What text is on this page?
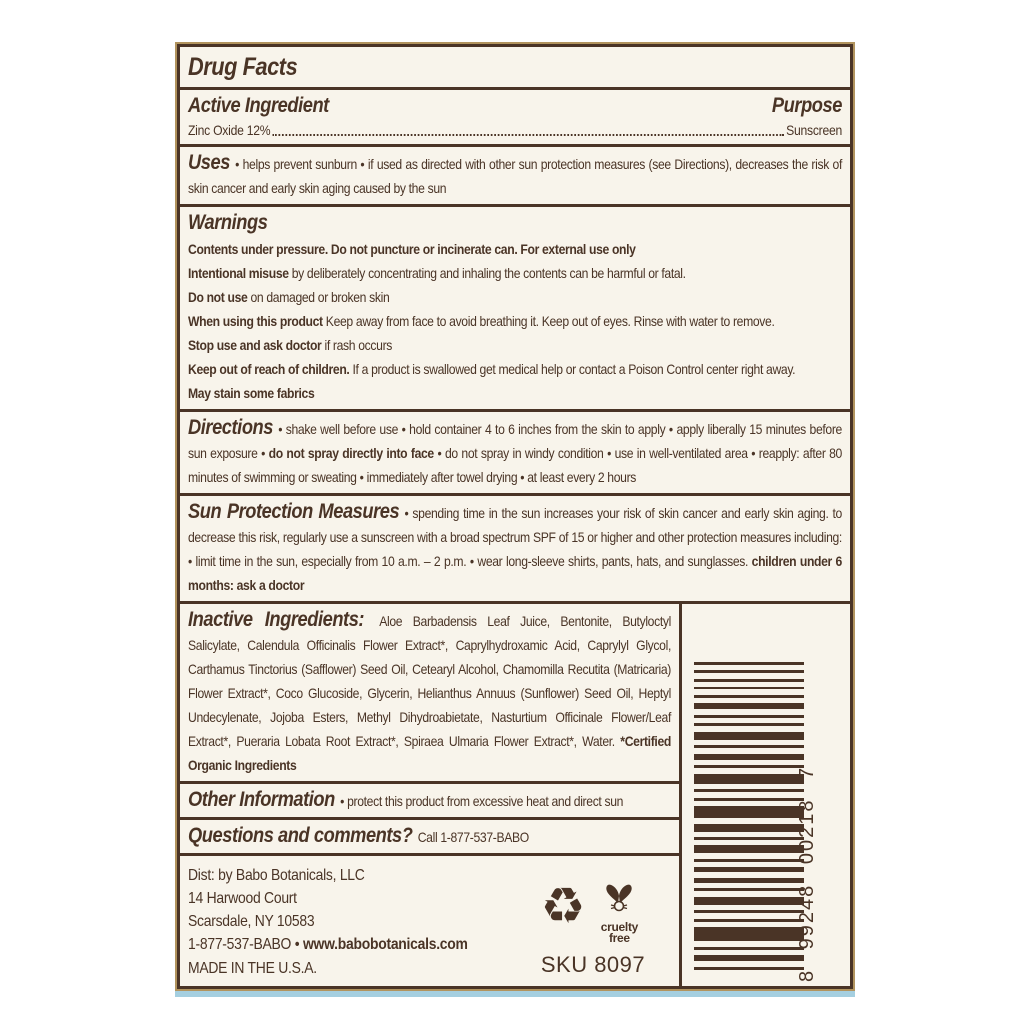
Drug Facts
Active Ingredient	Purpose
Zinc Oxide 12%	Sunscreen

Uses • helps prevent sunburn • if used as directed with other sun protection measures (see Directions), decreases the risk of skin cancer and early skin aging caused by the sun

Warnings

Contents under pressure. Do not puncture or incinerate can. For external use only

Intentional misuse by deliberately concentrating and inhaling the contents can be harmful or fatal.

Do not use on damaged or broken skin

When using this product Keep away from face to avoid breathing it. Keep out of eyes. Rinse with water to remove.

Stop use and ask doctor if rash occurs

Keep out of reach of children. If a product is swallowed get medical help or contact a Poison Control center right away.

May stain some fabrics

Directions • shake well before use • hold container 4 to 6 inches from the skin to apply • apply liberally 15 minutes before sun exposure • do not spray directly into face • do not spray in windy condition • use in well-ventilated area • reapply: after 80 minutes of swimming or sweating • immediately after towel drying • at least every 2 hours

Sun Protection Measures • spending time in the sun increases your risk of skin cancer and early skin aging. to decrease this risk, regularly use a sunscreen with a broad spectrum SPF of 15 or higher and other protection measures including: • limit time in the sun, especially from 10 a.m. – 2 p.m. • wear long-sleeve shirts, pants, hats, and sunglasses. children under 6 months: ask a doctor

Inactive Ingredients: Aloe Barbadensis Leaf Juice, Bentonite, Butyloctyl Salicylate, Calendula Officinalis Flower Extract*, Caprylhydroxamic Acid, Caprylyl Glycol, Carthamus Tinctorius (Safflower) Seed Oil, Cetearyl Alcohol, Chamomilla Recutita (Matricaria) Flower Extract*, Coco Glucoside, Glycerin, Helianthus Annuus (Sunflower) Seed Oil, Heptyl Undecylenate, Jojoba Esters, Methyl Dihydroabietate, Nasturtium Officinale Flower/Leaf Extract*, Pueraria Lobata Root Extract*, Spiraea Ulmaria Flower Extract*, Water. *Certified Organic Ingredients

Other Information • protect this product from excessive heat and direct sun

Questions and comments? Call 1-877-537-BABO

Dist: by Babo Botanicals, LLC
14 Harwood Court
Scarsdale, NY 10583
1-877-537-BABO • www.babobotanicals.com
MADE IN THE U.S.A.
♻	cruelty free
SKU 8097	8 99248 00218 7
